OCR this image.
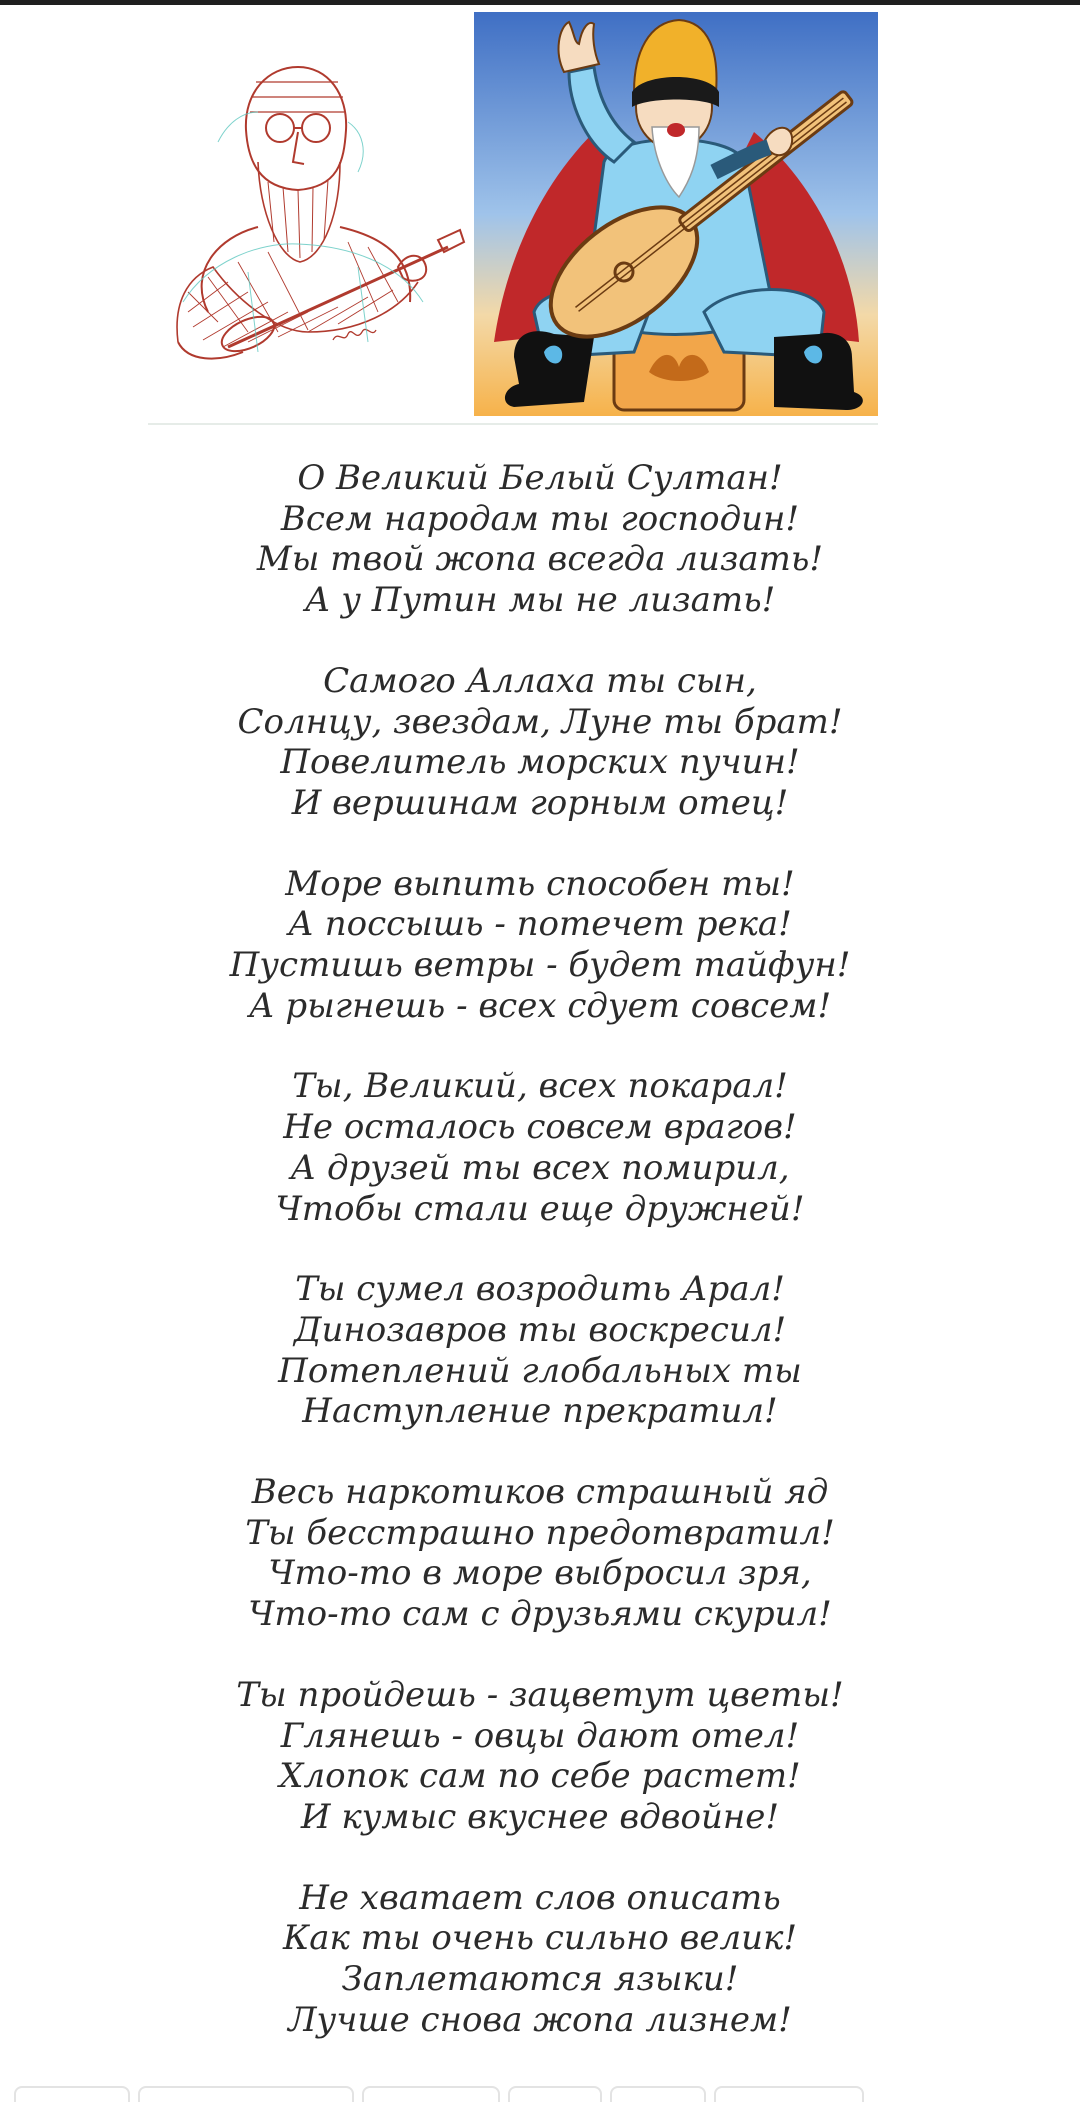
О Великий Белый Султан!
Всем народам ты господин!
Мы твой жопа всегда лизать!
А у Путин мы не лизать!
Самого Аллаха ты сын,
Солнцу, звездам, Луне ты брат!
Повелитель морских пучин!
И вершинам горным отец!
Море выпить способен ты!
А поссышь - потечет река!
Пустишь ветры - будет тайфун!
А рыгнешь - всех сдует совсем!
Ты, Великий, всех покарал!
Не осталось совсем врагов!
А друзей ты всех помирил,
Чтобы стали еще дружней!
Ты сумел возродить Арал!
Динозавров ты воскресил!
Потеплений глобальных ты
Наступление прекратил!
Весь наркотиков страшный яд
Ты бесстрашно предотвратил!
Что-то в море выбросил зря,
Что-то сам с друзьями скурил!
Ты пройдешь - зацветут цветы!
Глянешь - овцы дают отел!
Хлопок сам по себе растет!
И кумыс вкуснее вдвойне!
Не хватает слов описать
Как ты очень сильно велик!
Заплетаются языки!
Лучше снова жопа лизнем!
